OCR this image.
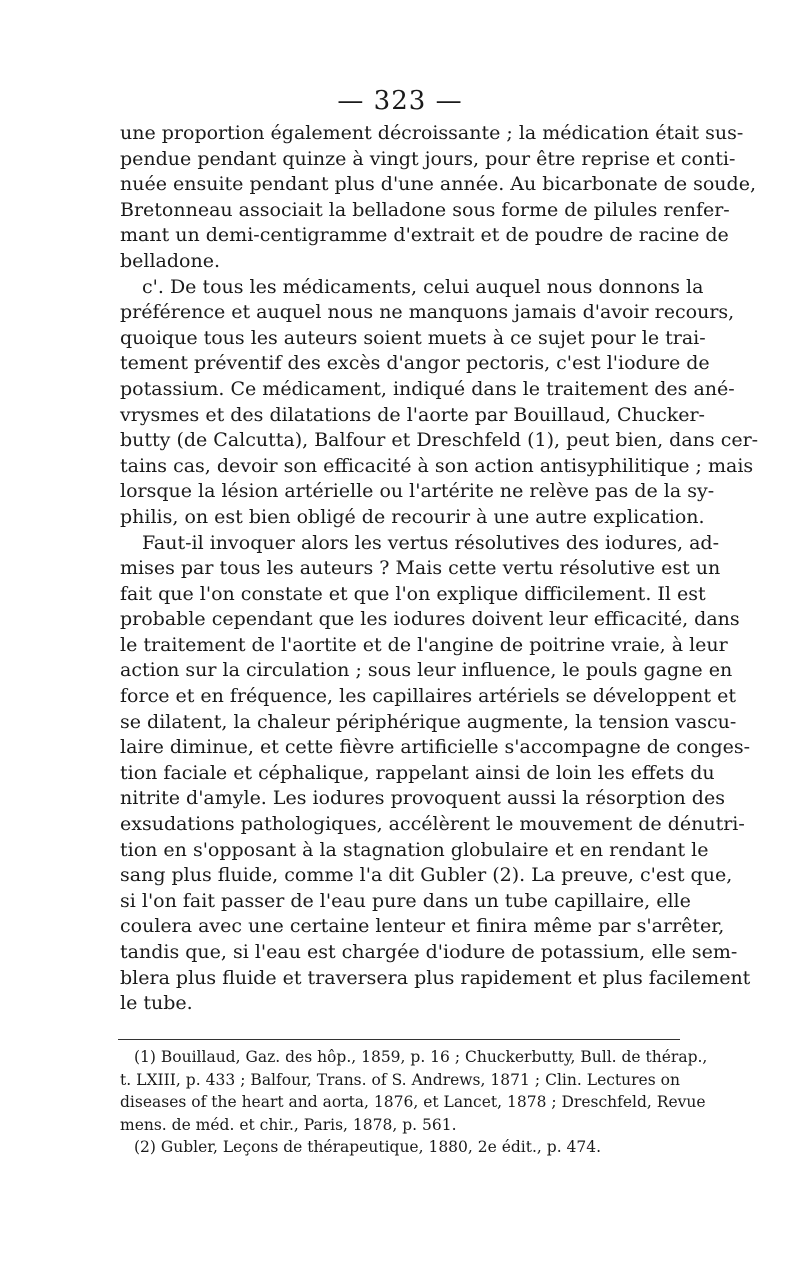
— 323 —
une proportion également décroissante ; la médication était sus-
pendue pendant quinze à vingt jours, pour être reprise et conti-
nuée ensuite pendant plus d'une année. Au bicarbonate de soude,
Bretonneau associait la belladone sous forme de pilules renfer-
mant un demi-centigramme d'extrait et de poudre de racine de
belladone.
c'. De tous les médicaments, celui auquel nous donnons la
préférence et auquel nous ne manquons jamais d'avoir recours,
quoique tous les auteurs soient muets à ce sujet pour le trai-
tement préventif des excès d'angor pectoris, c'est l'iodure de
potassium. Ce médicament, indiqué dans le traitement des ané-
vrysmes et des dilatations de l'aorte par Bouillaud, Chucker-
butty (de Calcutta), Balfour et Dreschfeld (1), peut bien, dans cer-
tains cas, devoir son efficacité à son action antisyphilitique ; mais
lorsque la lésion artérielle ou l'artérite ne relève pas de la sy-
philis, on est bien obligé de recourir à une autre explication.
Faut-il invoquer alors les vertus résolutives des iodures, ad-
mises par tous les auteurs ? Mais cette vertu résolutive est un
fait que l'on constate et que l'on explique difficilement. Il est
probable cependant que les iodures doivent leur efficacité, dans
le traitement de l'aortite et de l'angine de poitrine vraie, à leur
action sur la circulation ; sous leur influence, le pouls gagne en
force et en fréquence, les capillaires artériels se développent et
se dilatent, la chaleur périphérique augmente, la tension vascu-
laire diminue, et cette fièvre artificielle s'accompagne de conges-
tion faciale et céphalique, rappelant ainsi de loin les effets du
nitrite d'amyle. Les iodures provoquent aussi la résorption des
exsudations pathologiques, accélèrent le mouvement de dénutri-
tion en s'opposant à la stagnation globulaire et en rendant le
sang plus fluide, comme l'a dit Gubler (2). La preuve, c'est que,
si l'on fait passer de l'eau pure dans un tube capillaire, elle
coulera avec une certaine lenteur et finira même par s'arrêter,
tandis que, si l'eau est chargée d'iodure de potassium, elle sem-
blera plus fluide et traversera plus rapidement et plus facilement
le tube.
(1) Bouillaud, Gaz. des hôp., 1859, p. 16 ; Chuckerbutty, Bull. de thérap.,
t. LXIII, p. 433 ; Balfour, Trans. of S. Andrews, 1871 ; Clin. Lectures on
diseases of the heart and aorta, 1876, et Lancet, 1878 ; Dreschfeld, Revue
mens. de méd. et chir., Paris, 1878, p. 561.
(2) Gubler, Leçons de thérapeutique, 1880, 2e édit., p. 474.
